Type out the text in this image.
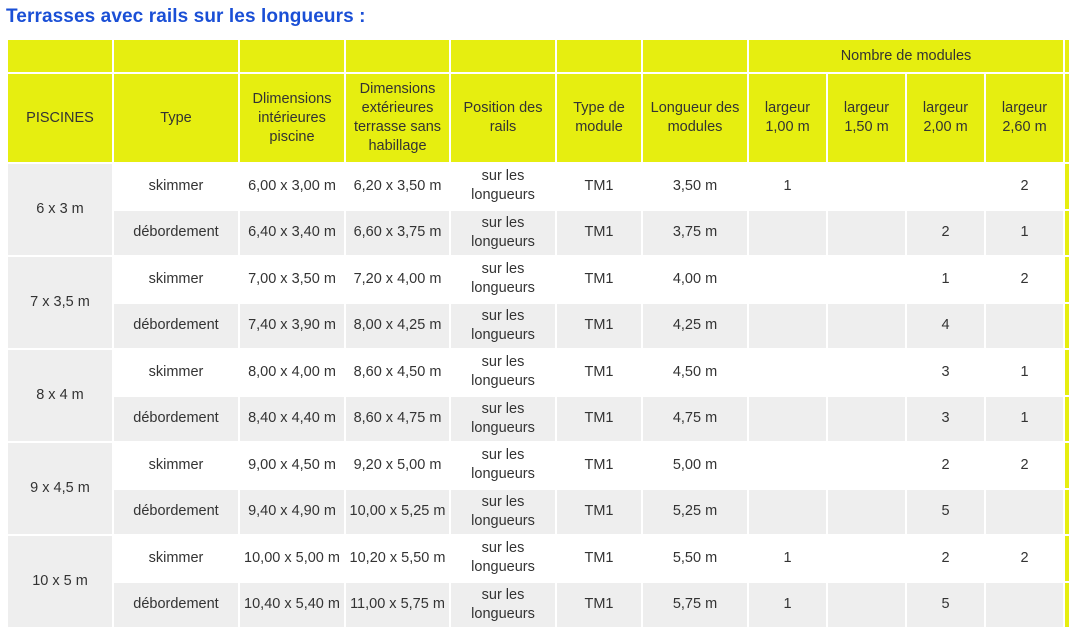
Terrasses avec rails sur les longueurs :
							Nombre de modules				
PISCINES	Type	Dlimensions intérieures piscine	Dimensions extérieures terrasse sans habillage	Position des rails	Type de module	Longueur des modules	largeur 1,00 m	largeur 1,50 m	largeur 2,00 m	largeur 2,60 m	
6 x 3 m	skimmer	6,00 x 3,00 m	6,20 x 3,50 m	sur les longueurs	TM1	3,50 m	1			2	
	débordement	6,40 x 3,40 m	6,60 x 3,75 m	sur les longueurs	TM1	3,75 m			2	1	
7 x 3,5 m	skimmer	7,00 x 3,50 m	7,20 x 4,00 m	sur les longueurs	TM1	4,00 m			1	2	
	débordement	7,40 x 3,90 m	8,00 x 4,25 m	sur les longueurs	TM1	4,25 m			4		
8 x 4 m	skimmer	8,00 x 4,00 m	8,60 x 4,50 m	sur les longueurs	TM1	4,50 m			3	1	
	débordement	8,40 x 4,40 m	8,60 x 4,75 m	sur les longueurs	TM1	4,75 m			3	1	
9 x 4,5 m	skimmer	9,00 x 4,50 m	9,20 x 5,00 m	sur les longueurs	TM1	5,00 m			2	2	
	débordement	9,40 x 4,90 m	10,00 x 5,25 m	sur les longueurs	TM1	5,25 m			5		
10 x 5 m	skimmer	10,00 x 5,00 m	10,20 x 5,50 m	sur les longueurs	TM1	5,50 m	1		2	2	
	débordement	10,40 x 5,40 m	11,00 x 5,75 m	sur les longueurs	TM1	5,75 m	1		5		
